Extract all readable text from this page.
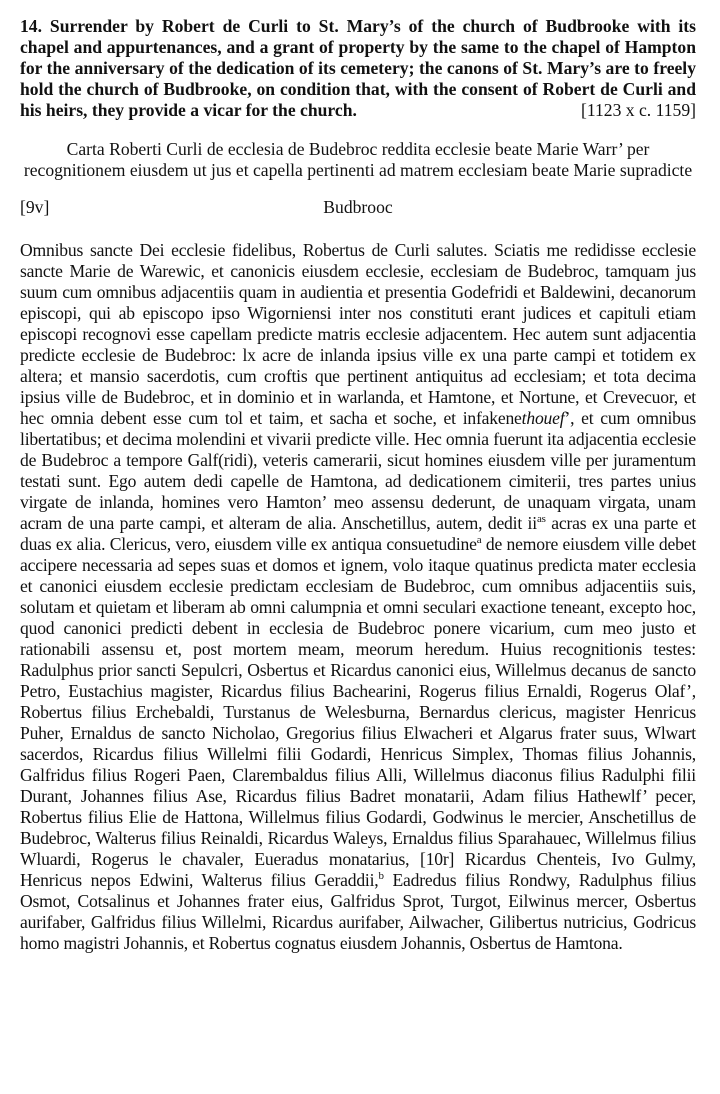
14. Surrender by Robert de Curli to St. Mary’s of the church of Budbrooke with its chapel and appurtenances, and a grant of property by the same to the chapel of Hampton for the anniversary of the dedication of its cemetery; the canons of St. Mary’s are to freely hold the church of Budbrooke, on condition that, with the consent of Robert de Curli and his heirs, they provide a vicar for the church.	[1123 x c. 1159]

Carta Roberti Curli de ecclesia de Budebroc reddita ecclesie beate Marie Warr’ per recognitionem eiusdem ut jus et capella pertinenti ad matrem ecclesiam beate Marie supradicte

Budbrooc
[9v]

Omnibus sancte Dei ecclesie fidelibus, Robertus de Curli salutes. Sciatis me redidisse ecclesie sancte Marie de Warewic, et canonicis eiusdem ecclesie, ecclesiam de Budebroc, tamquam jus suum cum omnibus adjacentiis quam in audientia et presentia Godefridi et Baldewini, decanorum episcopi, qui ab episcopo ipso Wigorniensi inter nos constituti erant judices et capituli etiam episcopi recognovi esse capellam predicte matris ecclesie adjacentem. Hec autem sunt adjacentia predicte ecclesie de Budebroc: lx acre de inlanda ipsius ville ex una parte campi et totidem ex altera; et mansio sacerdotis, cum croftis que pertinent antiquitus ad ecclesiam; et tota decima ipsius ville de Budebroc, et in dominio et in warlanda, et Hamtone, et Nortune, et Crevecuor, et hec omnia debent esse cum tol et taim, et sacha et soche, et infakenethouef’, et cum omnibus libertatibus; et decima molendini et vivarii predicte ville. Hec omnia fuerunt ita adjacentia ecclesie de Budebroc a tempore Galf(ridi), veteris camerarii, sicut homines eiusdem ville per juramentum testati sunt. Ego autem dedi capelle de Hamtona, ad dedicationem cimiterii, tres partes unius virgate de inlanda, homines vero Hamton’ meo assensu dederunt, de unaquam virgata, unam acram de una parte campi, et alteram de alia. Anschetillus, autem, dedit $ii^{as}$ acras ex una parte et duas ex alia. Clericus, vero, eiusdem ville ex antiqua consuetudine$^a$ de nemore eiusdem ville debet accipere necessaria ad sepes suas et domos et ignem, volo itaque quatinus predicta mater ecclesia et canonici eiusdem ecclesie predictam ecclesiam de Budebroc, cum omnibus adjacentiis suis, solutam et quietam et liberam ab omni calumpnia et omni seculari exactione teneant, excepto hoc, quod canonici predicti debent in ecclesia de Budebroc ponere vicarium, cum meo justo et rationabili assensu et, post mortem meam, meorum heredum. Huius recognitionis testes: Radulphus prior sancti Sepulcri, Osbertus et Ricardus canonici eius, Willelmus decanus de sancto Petro, Eustachius magister, Ricardus filius Bachearini, Rogerus filius Ernaldi, Rogerus Olaf’, Robertus filius Erchebaldi, Turstanus de Welesburna, Bernardus clericus, magister Henricus Puher, Ernaldus de sancto Nicholao, Gregorius filius Elwacheri et Algarus frater suus, Wlwart sacerdos, Ricardus filius Willelmi filii Godardi, Henricus Simplex, Thomas filius Johannis, Galfridus filius Rogeri Paen, Clarembaldus filius Alli, Willelmus diaconus filius Radulphi filii Durant, Johannes filius Ase, Ricardus filius Badret monatarii, Adam filius Hathewlf’ pecer, Robertus filius Elie de Hattona, Willelmus filius Godardi, Godwinus le mercier, Anschetillus de Budebroc, Walterus filius Reinaldi, Ricardus Waleys, Ernaldus filius Sparahauec, Willelmus filius Wluardi, Rogerus le chavaler, Eueradus monatarius, [10r] Ricardus Chenteis, Ivo Gulmy, Henricus nepos Edwini, Walterus filius Geraddii,$^b$ Eadredus filius Rondwy, Radulphus filius Osmot, Cotsalinus et Johannes frater eius, Galfridus Sprot, Turgot, Eilwinus mercer, Osbertus aurifaber, Galfridus filius Willelmi, Ricardus aurifaber, Ailwacher, Gilibertus nutricius, Godricus homo magistri Johannis, et Robertus cognatus eiusdem Johannis, Osbertus de Hamtona.
